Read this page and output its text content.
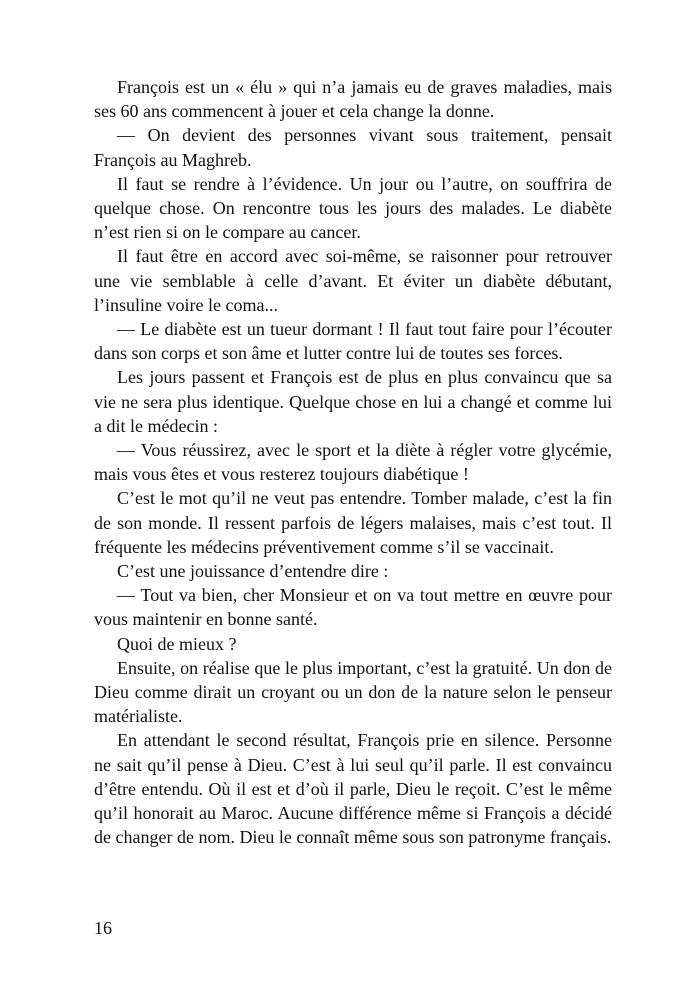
François est un « élu » qui n’a jamais eu de graves maladies, mais ses 60 ans commencent à jouer et cela change la donne.

— On devient des personnes vivant sous traitement, pensait François au Maghreb.

Il faut se rendre à l’évidence. Un jour ou l’autre, on souffrira de quelque chose. On rencontre tous les jours des malades. Le diabète n’est rien si on le compare au cancer.

Il faut être en accord avec soi-même, se raisonner pour retrouver une vie semblable à celle d’avant. Et éviter un diabète débutant, l’insuline voire le coma...

— Le diabète est un tueur dormant ! Il faut tout faire pour l’écouter dans son corps et son âme et lutter contre lui de toutes ses forces.

Les jours passent et François est de plus en plus convaincu que sa vie ne sera plus identique. Quelque chose en lui a changé et comme lui a dit le médecin :

— Vous réussirez, avec le sport et la diète à régler votre glycémie, mais vous êtes et vous resterez toujours diabétique !

C’est le mot qu’il ne veut pas entendre. Tomber malade, c’est la fin de son monde. Il ressent parfois de légers malaises, mais c’est tout. Il fréquente les médecins préventivement comme s’il se vaccinait.

C’est une jouissance d’entendre dire :

— Tout va bien, cher Monsieur et on va tout mettre en œuvre pour vous maintenir en bonne santé.

Quoi de mieux ?

Ensuite, on réalise que le plus important, c’est la gratuité. Un don de Dieu comme dirait un croyant ou un don de la nature selon le penseur matérialiste.

En attendant le second résultat, François prie en silence. Personne ne sait qu’il pense à Dieu. C’est à lui seul qu’il parle. Il est convaincu d’être entendu. Où il est et d’où il parle, Dieu le reçoit. C’est le même qu’il honorait au Maroc. Aucune différence même si François a décidé de changer de nom. Dieu le connaît même sous son patronyme français.

16
